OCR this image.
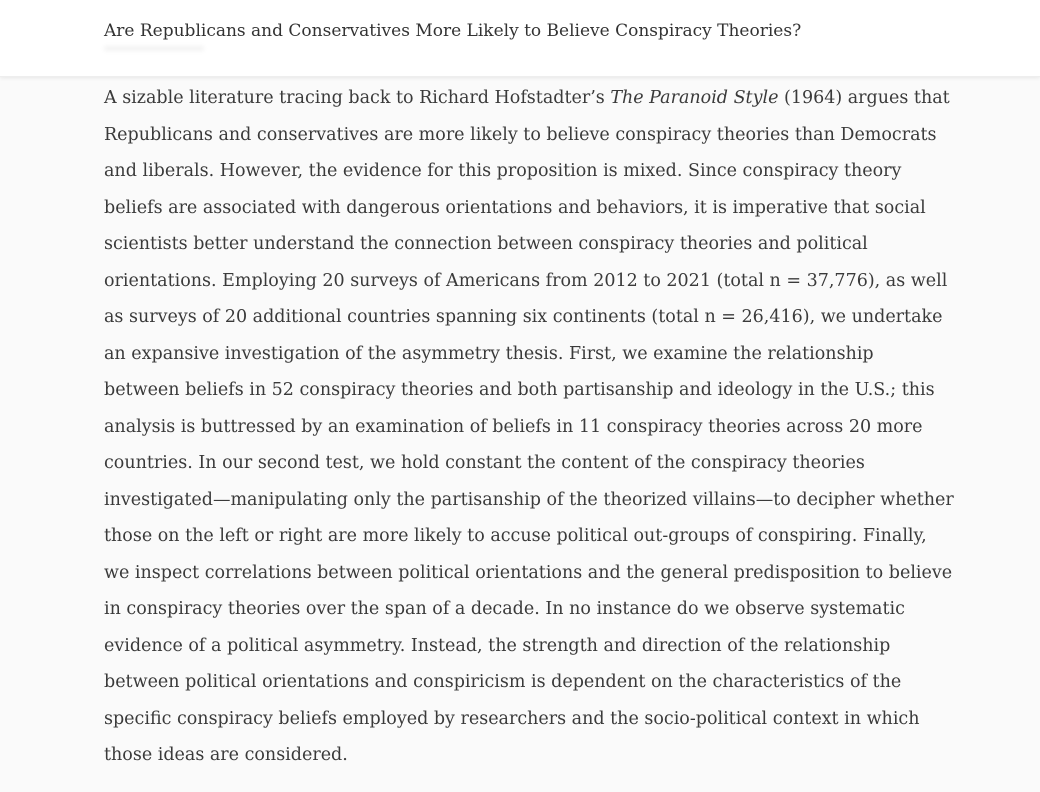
Are Republicans and Conservatives More Likely to Believe Conspiracy Theories?

A sizable literature tracing back to Richard Hofstadter’s The Paranoid Style (1964) argues that Republicans and conservatives are more likely to believe conspiracy theories than Democrats and liberals. However, the evidence for this proposition is mixed. Since conspiracy theory beliefs are associated with dangerous orientations and behaviors, it is imperative that social scientists better understand the connection between conspiracy theories and political orientations. Employing 20 surveys of Americans from 2012 to 2021 (total n = 37,776), as well as surveys of 20 additional countries spanning six continents (total n = 26,416), we undertake an expansive investigation of the asymmetry thesis. First, we examine the relationship between beliefs in 52 conspiracy theories and both partisanship and ideology in the U.S.; this analysis is buttressed by an examination of beliefs in 11 conspiracy theories across 20 more countries. In our second test, we hold constant the content of the conspiracy theories investigated—manipulating only the partisanship of the theorized villains—to decipher whether those on the left or right are more likely to accuse political out-groups of conspiring. Finally, we inspect correlations between political orientations and the general predisposition to believe in conspiracy theories over the span of a decade. In no instance do we observe systematic evidence of a political asymmetry. Instead, the strength and direction of the relationship between political orientations and conspiricism is dependent on the characteristics of the specific conspiracy beliefs employed by researchers and the socio-political context in which those ideas are considered.
